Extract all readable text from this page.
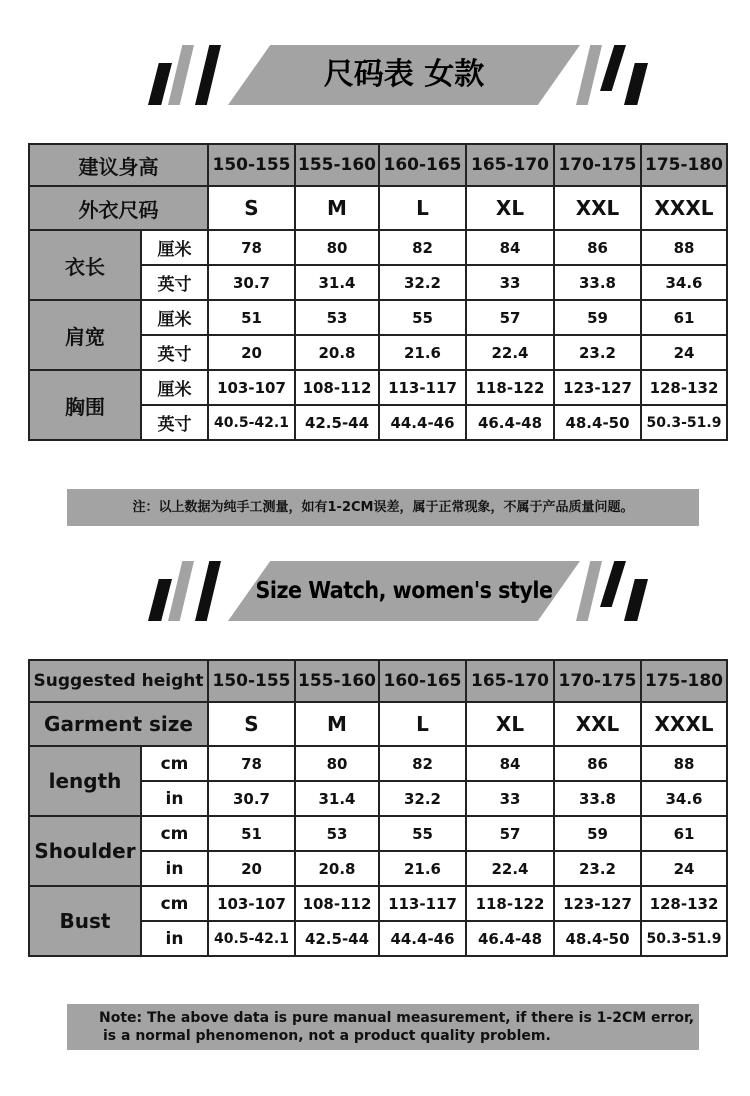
尺码表 女款
建议身高		150-155	155-160	160-165	165-170	170-175	175-180
外衣尺码		S	M	L	XL	XXL	XXXL
衣长	厘米	78	80	82	84	86	88
	英寸	30.7	31.4	32.2	33	33.8	34.6
肩宽	厘米	51	53	55	57	59	61
	英寸	20	20.8	21.6	22.4	23.2	24
胸围	厘米	103-107	108-112	113-117	118-122	123-127	128-132
	英寸	40.5-42.1	42.5-44	44.4-46	46.4-48	48.4-50	50.3-51.9
注：以上数据为纯手工测量，如有1-2CM误差，属于正常现象，不属于产品质量问题。
Size Watch, women's style
Suggested height		150-155	155-160	160-165	165-170	170-175	175-180
Garment size		S	M	L	XL	XXL	XXXL
length	cm	78	80	82	84	86	88
	in	30.7	31.4	32.2	33	33.8	34.6
Shoulder	cm	51	53	55	57	59	61
	in	20	20.8	21.6	22.4	23.2	24
Bust	cm	103-107	108-112	113-117	118-122	123-127	128-132
	in	40.5-42.1	42.5-44	44.4-46	46.4-48	48.4-50	50.3-51.9
Note: The above data is pure manual measurement, if there is 1-2CM error,
is a normal phenomenon, not a product quality problem.
